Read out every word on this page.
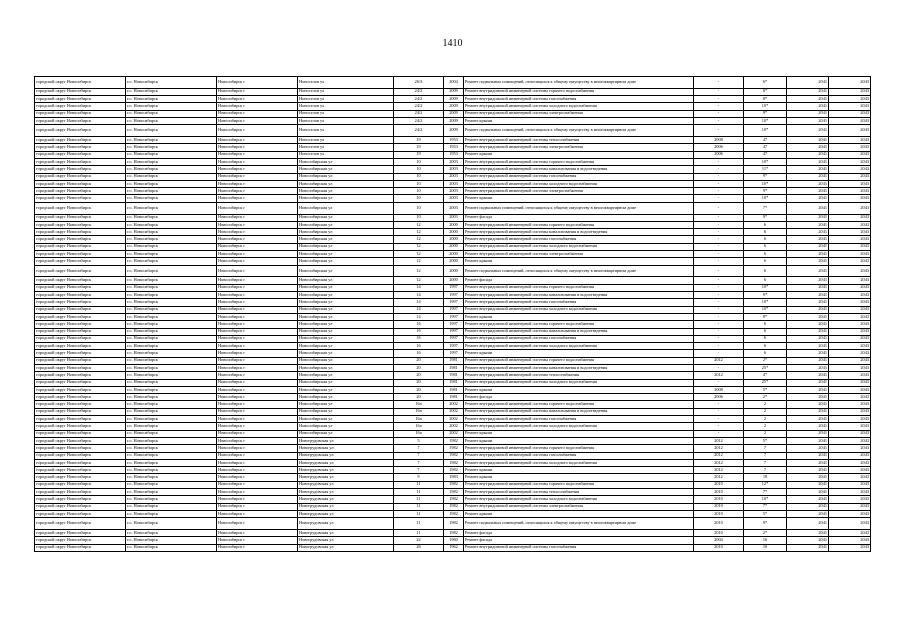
1410
городской округ Новосибирск	г.о. Новосибирск	Новосибирск г	Ноноселов ул	26/3	2004	Ремонт подвальных помещений, относящихся к общему имуществу в многоквартирном доме	-	6*	2041	2043
городской округ Новосибирск	г.о. Новосибирск	Новосибирск г	Ноноселов ул	24/2	2009	Ремонт внутридомовой инженерной системы горячего водоснабжения	-	6*	2041	2043
городской округ Новосибирск	г.о. Новосибирск	Новосибирск г	Ноноселов ул	24/2	2009	Ремонт внутридомовой инженерной системы газоснабжения	-	8*	2041	2043
городской округ Новосибирск	г.о. Новосибирск	Новосибирск г	Ноноселов ул	24/2	2009	Ремонт внутридомовой инженерной системы холодного водоснабжения	-	10*	2041	2043
городской округ Новосибирск	г.о. Новосибирск	Новосибирск г	Ноноселов ул	24/2	2009	Ремонт внутридомовой инженерной системы электроснабжения	-	9*	2041	2043
городской округ Новосибирск	г.о. Новосибирск	Новосибирск г	Ноноселов ул	24/2	2009	Ремонт крыши	-	10*	2041	2043
городской округ Новосибирск	г.о. Новосибирск	Новосибирск г	Ноноселов ул	24/2	2009	Ремонт подвальных помещений, относящихся к общему имуществу в многоквартирном доме	-	10*	2041	2043
городской округ Новосибирск	г.о. Новосибирск	Новосибирск г	Ноноселов ул	19	1953	Ремонт внутридомовой инженерной системы теплоснабжения	2008	47	2041	2043
городской округ Новосибирск	г.о. Новосибирск	Новосибирск г	Ноноселов ул	19	1953	Ремонт внутридомовой инженерной системы электроснабжения	2006	47	2041	2043
городской округ Новосибирск	г.о. Новосибирск	Новосибирск г	Ноноселов ул	19	1953	Ремонт крыши	2006	47	2041	2043
городской округ Новосибирск	г.о. Новосибирск	Новосибирск г	Новосибирская ул	10	2003	Ремонт внутридомовой инженерной системы горячего водоснабжения	-	10*	2041	2043
городской округ Новосибирск	г.о. Новосибирск	Новосибирск г	Новосибирская ул	10	2003	Ремонт внутридомовой инженерной системы канализования и водоотведения	-	11*	2041	2043
городской округ Новосибирск	г.о. Новосибирск	Новосибирск г	Новосибирская ул	10	2003	Ремонт внутридомовой инженерной системы газоснабжения	-	9*	2041	2043
городской округ Новосибирск	г.о. Новосибирск	Новосибирск г	Новосибирская ул	10	2003	Ремонт внутридомовой инженерной системы холодного водоснабжения	-	10*	2041	2043
городской округ Новосибирск	г.о. Новосибирск	Новосибирск г	Новосибирская ул	10	2003	Ремонт внутридомовой инженерной системы электроснабжения	-	9*	2041	2043
городской округ Новосибирск	г.о. Новосибирск	Новосибирск г	Новосибирская ул	10	2003	Ремонт крыши	-	10*	2041	2043
городской округ Новосибирск	г.о. Новосибирск	Новосибирск г	Новосибирская ул	10	2003	Ремонт подвальных помещений, относящихся к общему имуществу в многоквартирном доме	-	7*	2041	2043
городской округ Новосибирск	г.о. Новосибирск	Новосибирск г	Новосибирская ул	10	2003	Ремонт фасада	-	9*	2041	2043
городской округ Новосибирск	г.о. Новосибирск	Новосибирск г	Новосибирская ул	12	2000	Ремонт внутридомовой инженерной системы горячего водоснабжения	-	6	2041	2043
городской округ Новосибирск	г.о. Новосибирск	Новосибирск г	Новосибирская ул	12	2000	Ремонт внутридомовой инженерной системы канализования и водоотведения	-	6	2041	2043
городской округ Новосибирск	г.о. Новосибирск	Новосибирск г	Новосибирская ул	12	2000	Ремонт внутридомовой инженерной системы газоснабжения	-	6	2041	2043
городской округ Новосибирск	г.о. Новосибирск	Новосибирск г	Новосибирская ул	12	2000	Ремонт внутридомовой инженерной системы холодного водоснабжения	-	6	2041	2043
городской округ Новосибирск	г.о. Новосибирск	Новосибирск г	Новосибирская ул	12	2000	Ремонт внутридомовой инженерной системы электроснабжения	-	6	2041	2043
городской округ Новосибирск	г.о. Новосибирск	Новосибирск г	Новосибирская ул	12	2000	Ремонт крыши	-	6	2041	2043
городской округ Новосибирск	г.о. Новосибирск	Новосибирск г	Новосибирская ул	12	2000	Ремонт подвальных помещений, относящихся к общему имуществу в многоквартирном доме	-	6	2041	2043
городской округ Новосибирск	г.о. Новосибирск	Новосибирск г	Новосибирская ул	12	2000	Ремонт фасада	-	6	2041	2043
городской округ Новосибирск	г.о. Новосибирск	Новосибирск г	Новосибирская ул	14	1997	Ремонт внутридомовой инженерной системы горячего водоснабжения	-	10*	2041	2043
городской округ Новосибирск	г.о. Новосибирск	Новосибирск г	Новосибирская ул	14	1997	Ремонт внутридомовой инженерной системы канализования и водоотведения	-	9*	2041	2043
городской округ Новосибирск	г.о. Новосибирск	Новосибирск г	Новосибирская ул	14	1997	Ремонт внутридомовой инженерной системы газоснабжения	-	10*	2041	2043
городской округ Новосибирск	г.о. Новосибирск	Новосибирск г	Новосибирская ул	14	1997	Ремонт внутридомовой инженерной системы холодного водоснабжения	-	10*	2041	2043
городской округ Новосибирск	г.о. Новосибирск	Новосибирск г	Новосибирская ул	14	1997	Ремонт крыши	-	8*	2041	2043
городской округ Новосибирск	г.о. Новосибирск	Новосибирск г	Новосибирская ул	16	1997	Ремонт внутридомовой инженерной системы горячего водоснабжения	-	6	2041	2043
городской округ Новосибирск	г.о. Новосибирск	Новосибирск г	Новосибирская ул	16	1997	Ремонт внутридомовой инженерной системы канализования и водоотведения	-	6	2041	2043
городской округ Новосибирск	г.о. Новосибирск	Новосибирск г	Новосибирская ул	16	1997	Ремонт внутридомовой инженерной системы газоснабжения	-	6	2041	2043
городской округ Новосибирск	г.о. Новосибирск	Новосибирск г	Новосибирская ул	16	1997	Ремонт внутридомовой инженерной системы холодного водоснабжения	-	6	2041	2043
городской округ Новосибирск	г.о. Новосибирск	Новосибирск г	Новосибирская ул	16	1997	Ремонт крыши	-	6	2041	2043
городской округ Новосибирск	г.о. Новосибирск	Новосибирск г	Новосибирская ул	20	1981	Ремонт внутридомовой инженерной системы горячего водоснабжения	2012	2*	2041	2043
городской округ Новосибирск	г.о. Новосибирск	Новосибирск г	Новосибирская ул	20	1981	Ремонт внутридомовой инженерной системы канализования и водоотведения	-	25*	2041	2043
городской округ Новосибирск	г.о. Новосибирск	Новосибирск г	Новосибирская ул	20	1981	Ремонт внутридомовой инженерной системы теплоснабжения	2012	4*	2041	2043
городской округ Новосибирск	г.о. Новосибирск	Новосибирск г	Новосибирская ул	20	1981	Ремонт внутридомовой инженерной системы холодного водоснабжения	-	25*	2041	2043
городской округ Новосибирск	г.о. Новосибирск	Новосибирск г	Новосибирская ул	20	1981	Ремонт крыши	2008	5*	2041	2043
городской округ Новосибирск	г.о. Новосибирск	Новосибирск г	Новосибирская ул	20	1981	Ремонт фасада	2006	2*	2041	2043
городской округ Новосибирск	г.о. Новосибирск	Новосибирск г	Новосибирская ул	16а	2002	Ремонт внутридомовой инженерной системы горячего водоснабжения	-	2	2041	2043
городской округ Новосибирск	г.о. Новосибирск	Новосибирск г	Новосибирская ул	16а	2002	Ремонт внутридомовой инженерной системы канализования и водоотведения	-	2	2041	2043
городской округ Новосибирск	г.о. Новосибирск	Новосибирск г	Новосибирская ул	16а	2002	Ремонт внутридомовой инженерной системы газоснабжения	-	2	2041	2043
городской округ Новосибирск	г.о. Новосибирск	Новосибирск г	Новосибирская ул	16а	2002	Ремонт внутридомовой инженерной системы холодного водоснабжения	-	2	2041	2043
городской округ Новосибирск	г.о. Новосибирск	Новосибирск г	Новосибирская ул	16а	2002	Ремонт крыши	-	2	2041	2043
городской округ Новосибирск	г.о. Новосибирск	Новосибирск г	Новогрудовская ул	5	1982	Ремонт крыши	2012	5*	2041	2043
городской округ Новосибирск	г.о. Новосибирск	Новосибирск г	Новогрудовская ул	7	1982	Ремонт внутридомовой инженерной системы горячего водоснабжения	2012	7	2041	2043
городской округ Новосибирск	г.о. Новосибирск	Новосибирск г	Новогрудовская ул	7	1982	Ремонт внутридомовой инженерной системы газоснабжения	2012	7	2041	2043
городской округ Новосибирск	г.о. Новосибирск	Новосибирск г	Новогрудовская ул	7	1982	Ремонт внутридомовой инженерной системы холодного водоснабжения	2012	7	2041	2043
городской округ Новосибирск	г.о. Новосибирск	Новосибирск г	Новогрудовская ул	7	1982	Ремонт крыши	2012	7	2041	2043
городской округ Новосибирск	г.о. Новосибирск	Новосибирск г	Новогрудовская ул	9	1983	Ремонт крыши	2012	18	2041	2043
городской округ Новосибирск	г.о. Новосибирск	Новосибирск г	Новогрудовская ул	11	1982	Ремонт внутридомовой инженерной системы горячего водоснабжения	2010	12*	2041	2043
городской округ Новосибирск	г.о. Новосибирск	Новосибирск г	Новогрудовская ул	11	1982	Ремонт внутридомовой инженерной системы теплоснабжения	2010	7*	2041	2043
городской округ Новосибирск	г.о. Новосибирск	Новосибирск г	Новогрудовская ул	11	1982	Ремонт внутридомовой инженерной системы холодного водоснабжения	2010	10*	2041	2043
городской округ Новосибирск	г.о. Новосибирск	Новосибирск г	Новогрудовская ул	11	1982	Ремонт внутридомовой инженерной системы электроснабжения	2010	7*	2041	2043
городской округ Новосибирск	г.о. Новосибирск	Новосибирск г	Новогрудовская ул	11	1982	Ремонт крыши	2010	5*	2041	2043
городской округ Новосибирск	г.о. Новосибирск	Новосибирск г	Новогрудовская ул	11	1982	Ремонт подвальных помещений, относящихся к общему имуществу в многоквартирном доме	2010	9*	2041	2043
городской округ Новосибирск	г.о. Новосибирск	Новосибирск г	Новогрудовская ул	11	1982	Ремонт фасада	2010	2*	2041	2043
городской округ Новосибирск	г.о. Новосибирск	Новосибирск г	Новогрудовская ул	22	1960	Ремонт фасада	2004	16	2041	2043
городской округ Новосибирск	г.о. Новосибирск	Новосибирск г	Новогрудовская ул	26	1962	Ремонт внутридомовой инженерной системы газоснабжения	2010	10	2041	2043
